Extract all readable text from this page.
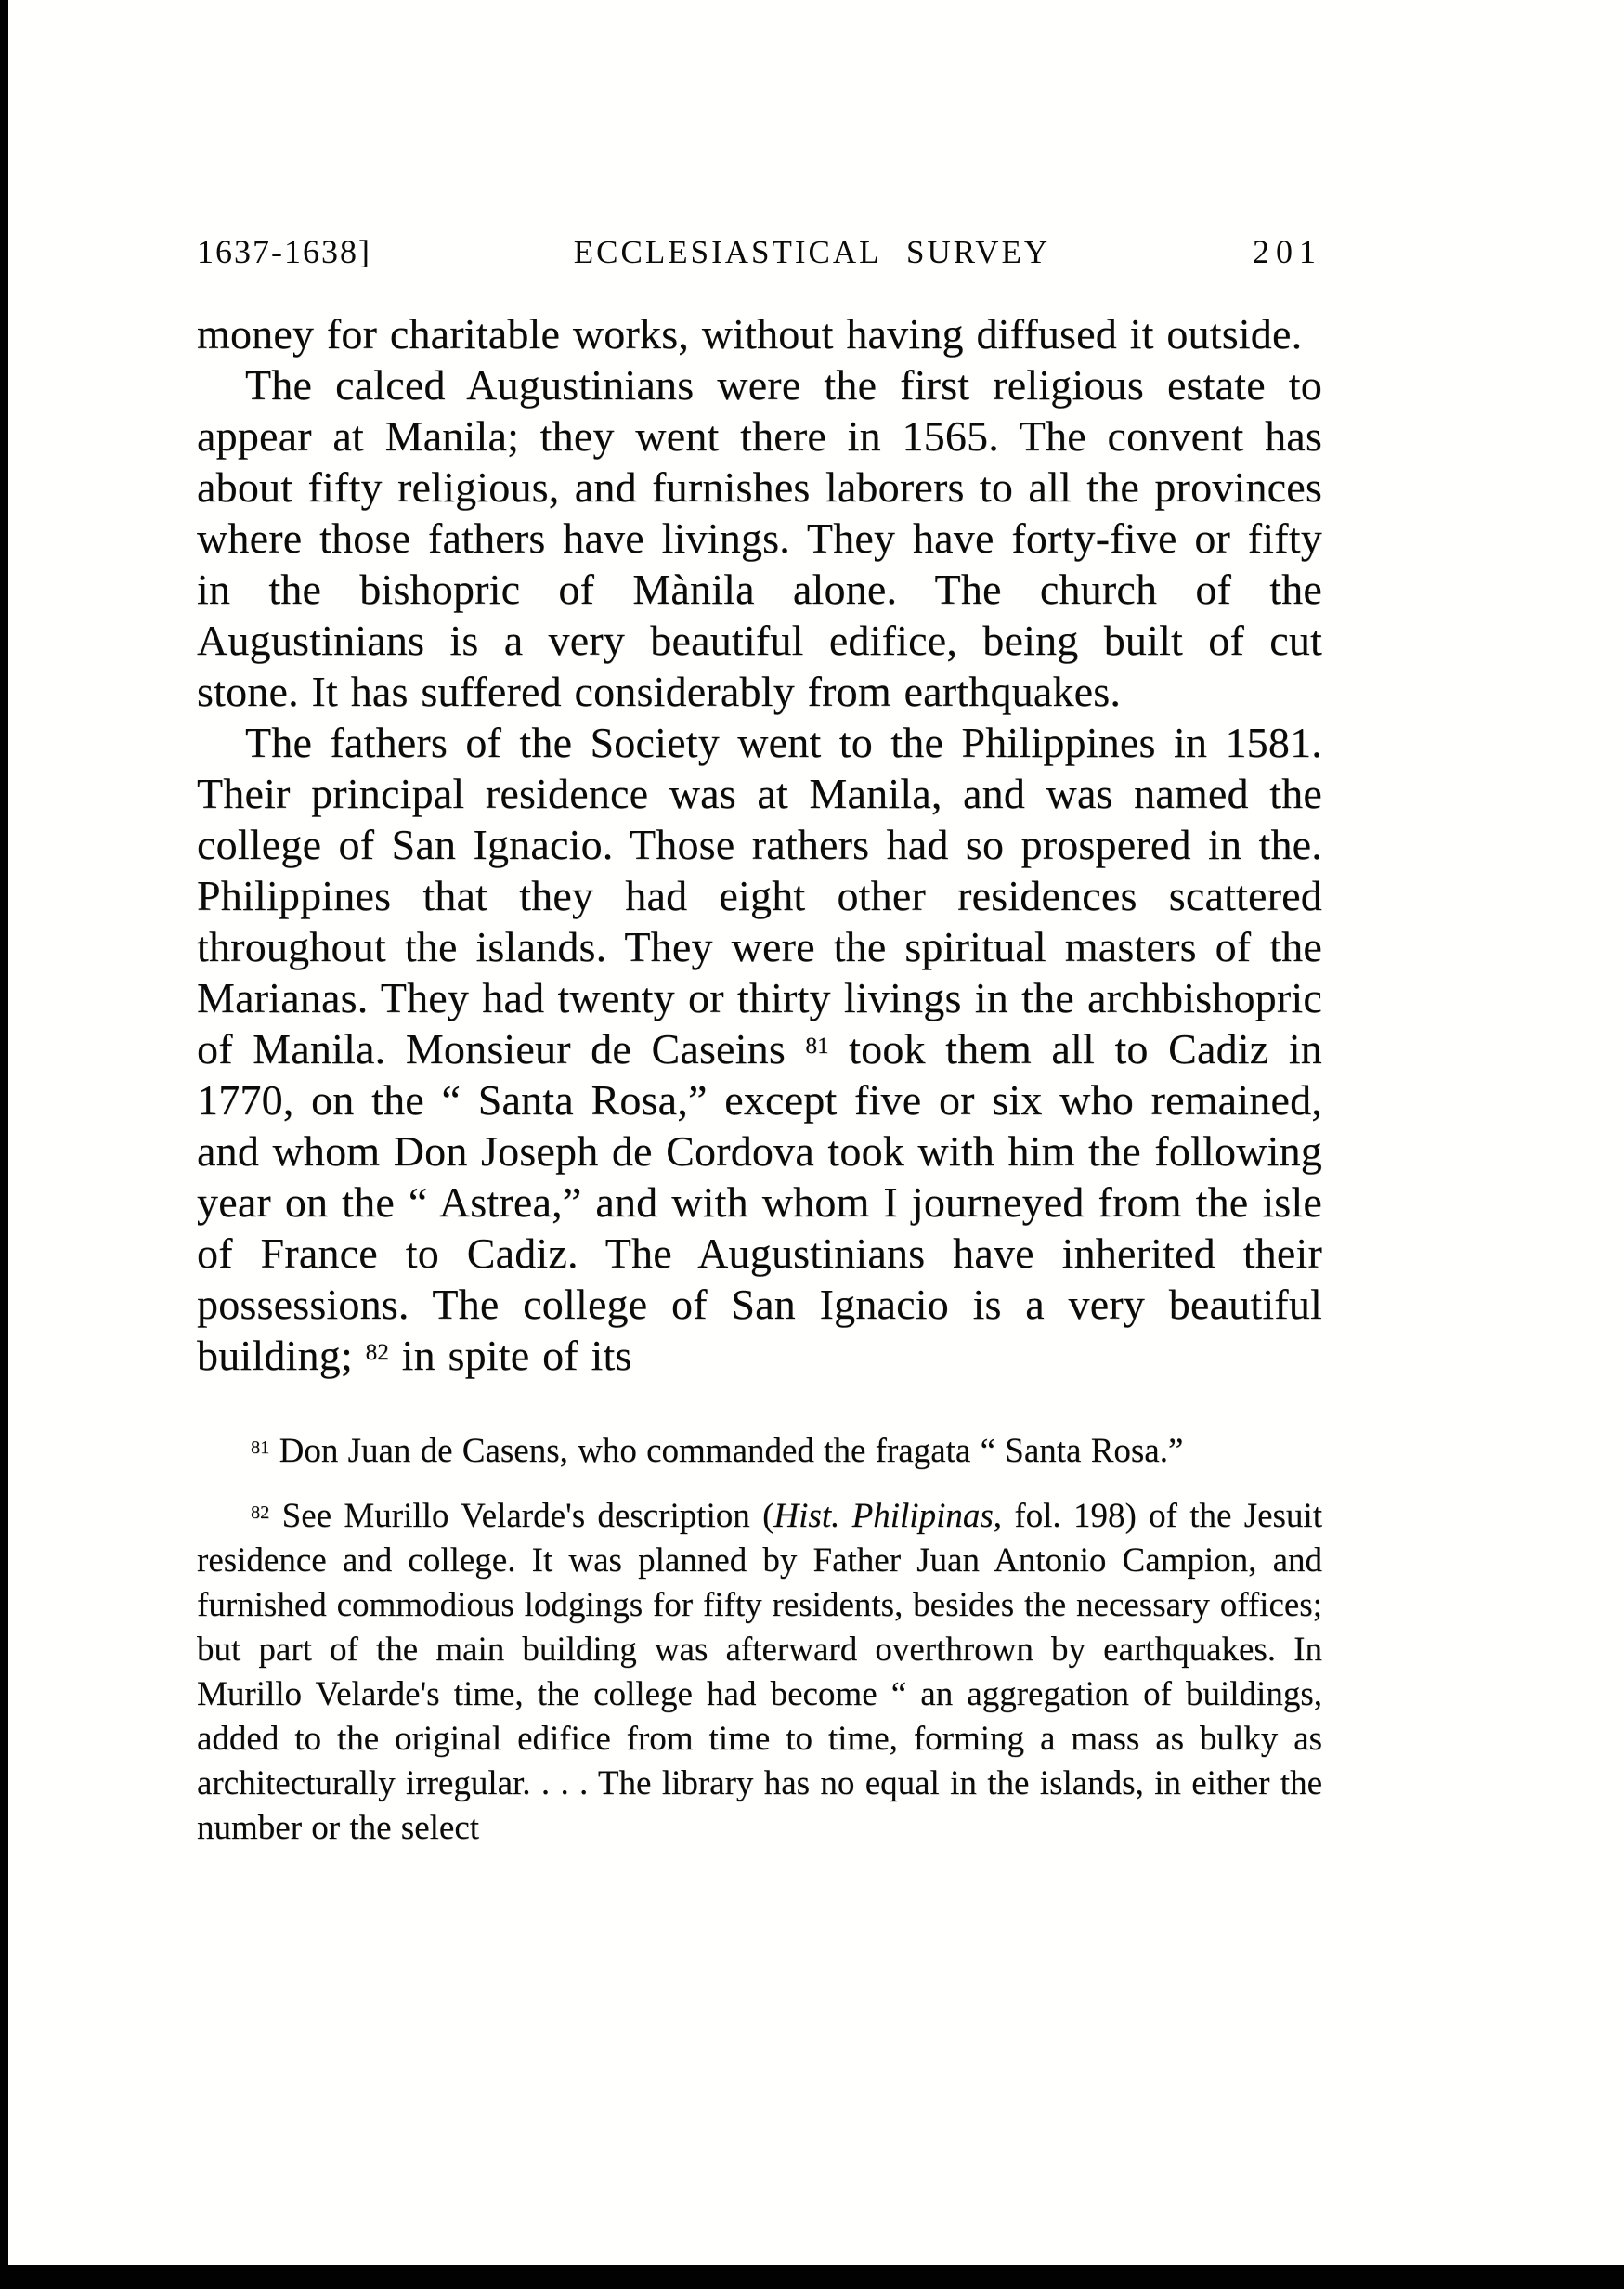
1637-1638]	ECCLESIASTICAL SURVEY	201

money for charitable works, without having diffused it outside.

The calced Augustinians were the first religious estate to appear at Manila; they went there in 1565. The convent has about fifty religious, and furnishes laborers to all the provinces where those fathers have livings. They have forty-five or fifty in the bishopric of Mànila alone. The church of the Augustinians is a very beautiful edifice, being built of cut stone. It has suffered considerably from earthquakes.

The fathers of the Society went to the Philippines in 1581. Their principal residence was at Manila, and was named the college of San Ignacio. Those rathers had so prospered in the. Philippines that they had eight other residences scattered throughout the islands. They were the spiritual masters of the Marianas. They had twenty or thirty livings in the archbishopric of Manila. Monsieur de Caseins $^{81}$ took them all to Cadiz in 1770, on the “ Santa Rosa,” except five or six who remained, and whom Don Joseph de Cordova took with him the following year on the “ Astrea,” and with whom I journeyed from the isle of France to Cadiz. The Augustinians have inherited their possessions. The college of San Ignacio is a very beautiful building; $^{82}$ in spite of its

$^{81}$ Don Juan de Casens, who commanded the fragata “ Santa Rosa.”

$^{82}$ See Murillo Velarde's description (Hist. Philipinas, fol. 198) of the Jesuit residence and college. It was planned by Father Juan Antonio Campion, and furnished commodious lodgings for fifty residents, besides the necessary offices; but part of the main building was afterward overthrown by earthquakes. In Murillo Velarde's time, the college had become “ an aggregation of buildings, added to the original edifice from time to time, forming a mass as bulky as architecturally irregular. . . . The library has no equal in the islands, in either the number or the select
